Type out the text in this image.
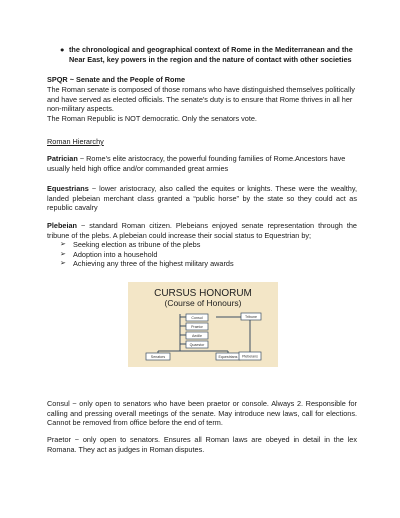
● the chronological and geographical context of Rome in the Mediterranean and the Near East, key powers in the region and the nature of contact with other societies

SPQR ~ Senate and the People of Rome

The Roman senate is composed of those romans who have distinguished themselves politically and have served as elected officials. The senate's duty is to ensure that Rome thrives in all her non-military aspects.

The Roman Republic is NOT democratic. Only the senators vote.

Roman Hierarchy

Patrician ~ Rome's elite aristocracy, the powerful founding families of Rome.Ancestors have usually held high office and/or commanded great armies

Equestrians ~ lower aristocracy, also called the equites or knights. These were the wealthy, landed plebeian merchant class granted a “public horse” by the state so they could act as republic cavalry

Plebeian ~ standard Roman citizen. Plebeians enjoyed senate representation through the tribune of the plebs. A plebeian could increase their social status to Equestrian by;

➢ Seeking election as tribune of the plebs
➢ Adoption into a household
➢ Achieving any three of the highest military awards
CURSUS HONORUM
(Course of Honours)
Consul
Praetor
Aedile
Quaestor
Tribune
Senators	Equestrians Plebeians

Consul ~ only open to senators who have been praetor or console. Always 2. Responsible for calling and pressing overall meetings of the senate. May introduce new laws, call for elections. Cannot be removed from office before the end of term.

Praetor ~ only open to senators. Ensures all Roman laws are obeyed in detail in the lex Romana. They act as judges in Roman disputes.
